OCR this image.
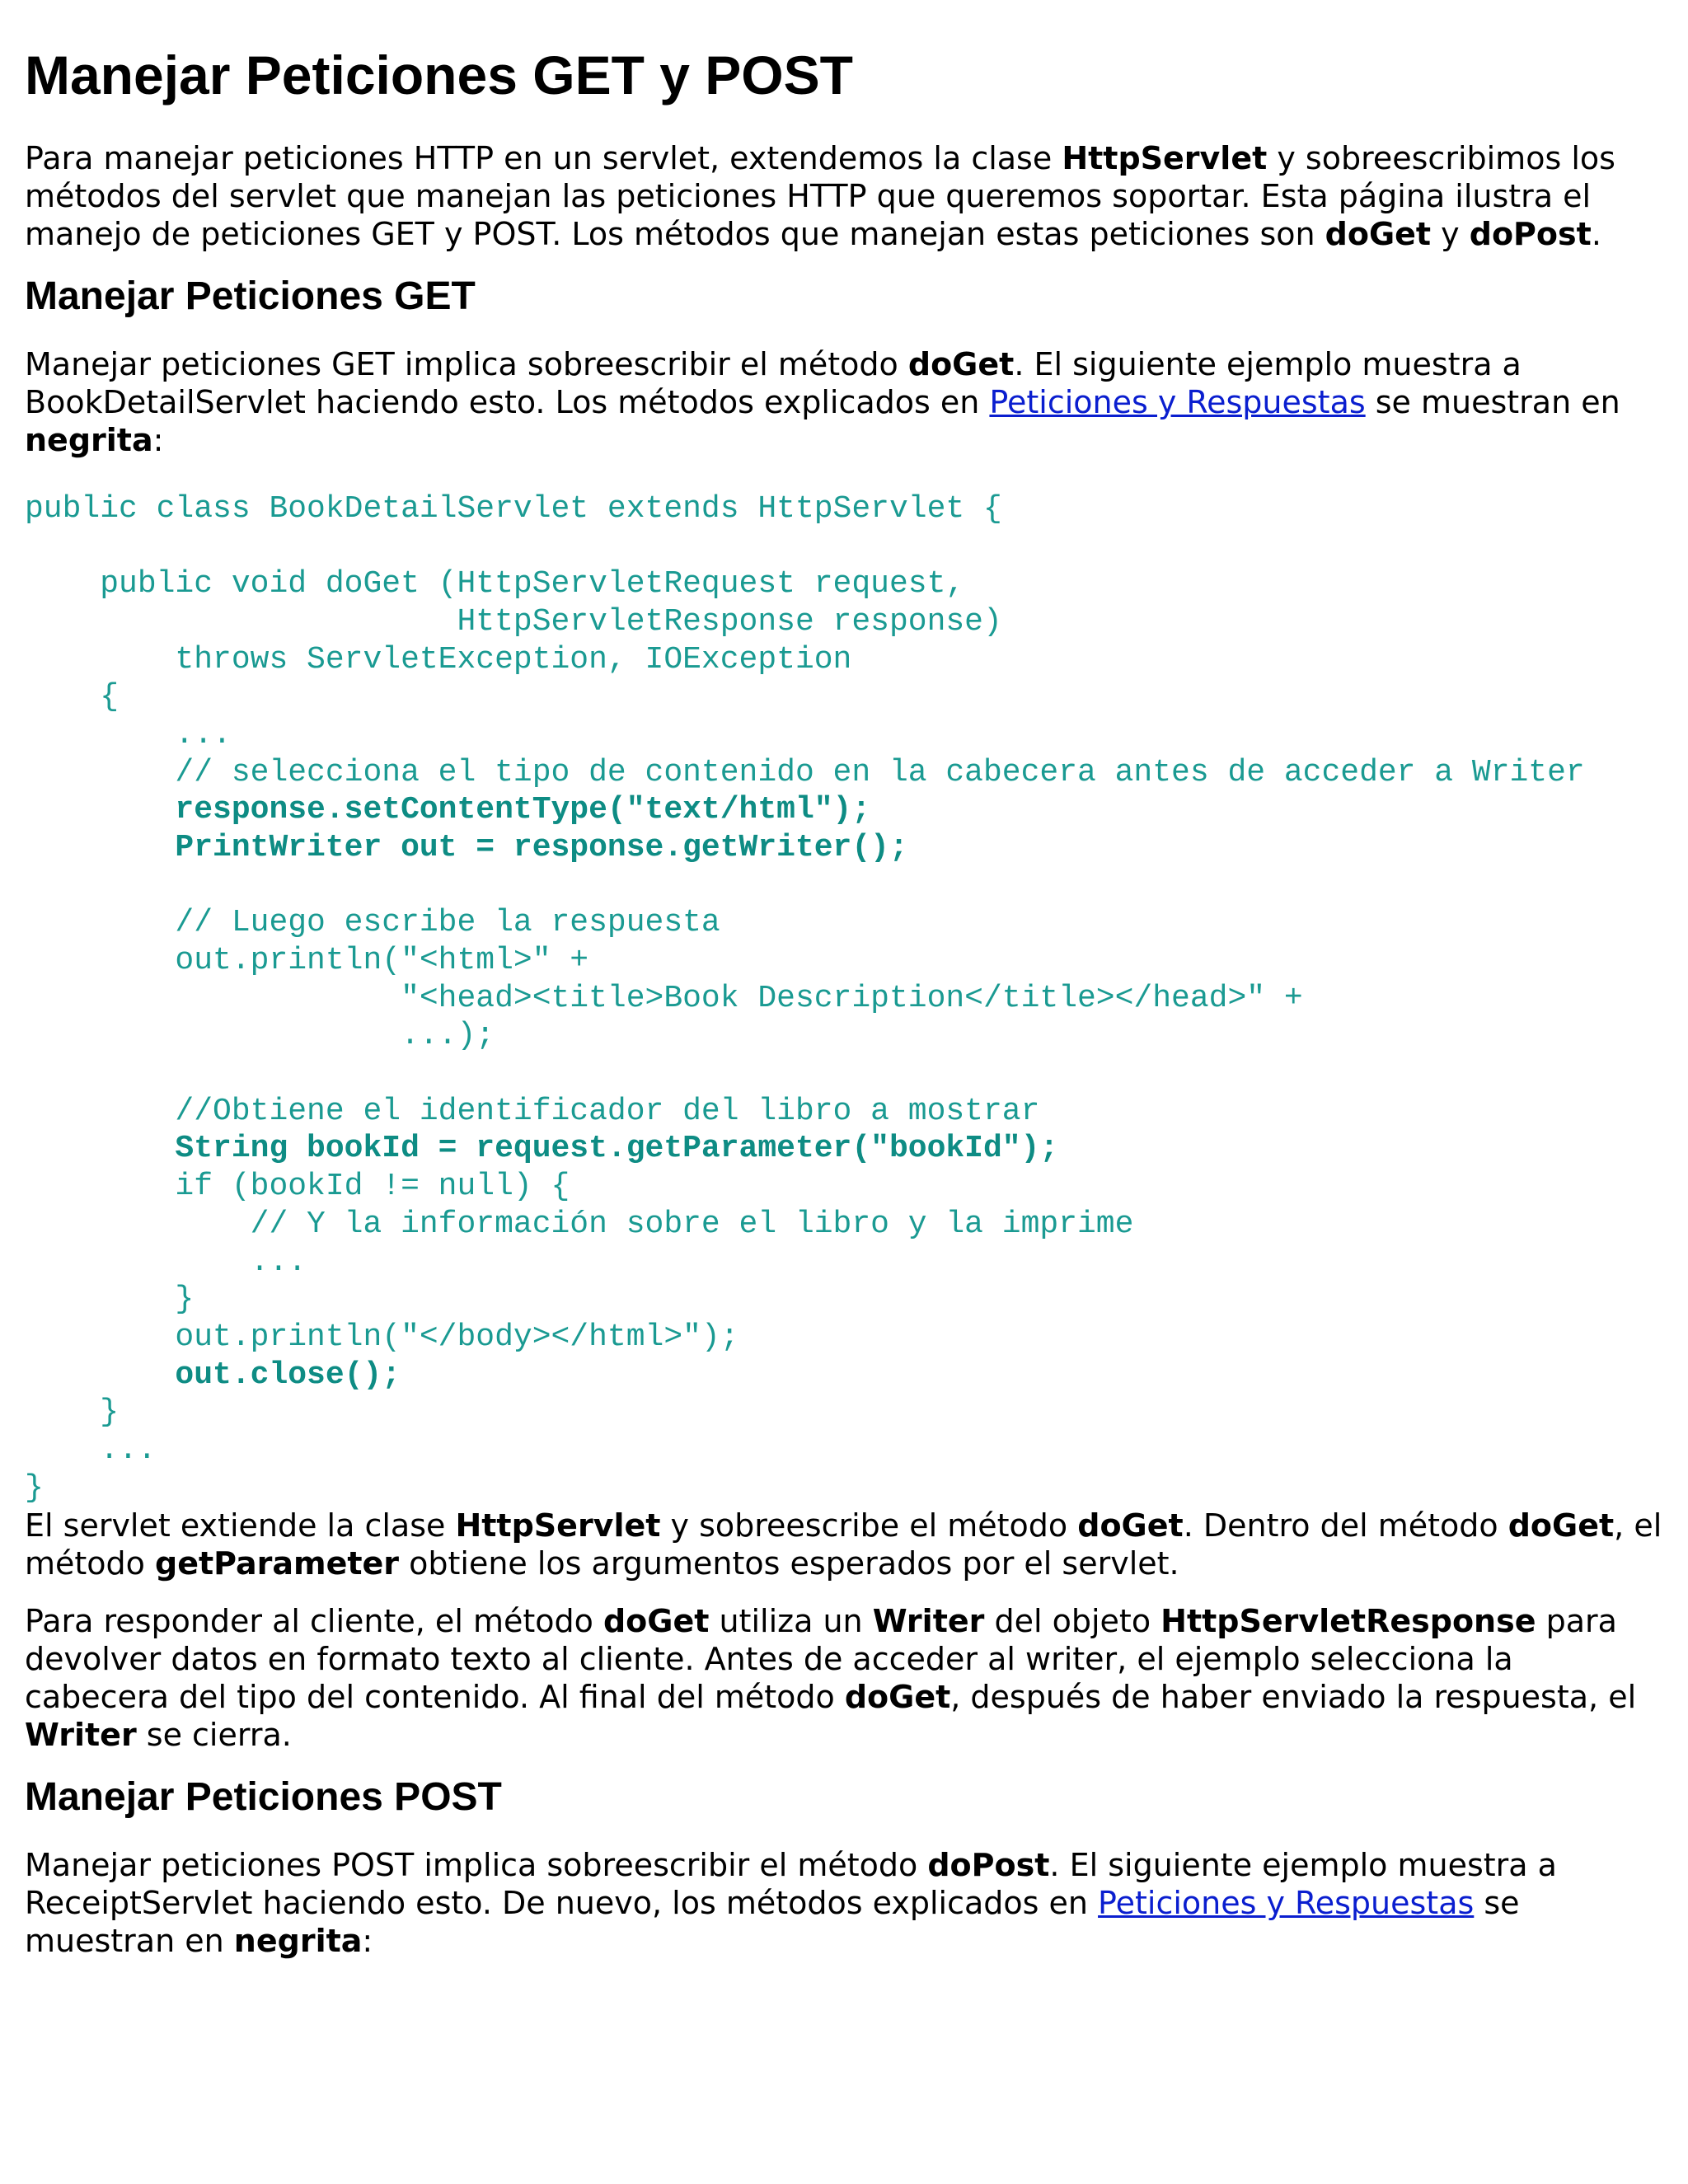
Manejar Peticiones GET y POST

Para manejar peticiones HTTP en un servlet, extendemos la clase HttpServlet y sobreescribimos los métodos del servlet que manejan las peticiones HTTP que queremos soportar. Esta página ilustra el manejo de peticiones GET y POST. Los métodos que manejan estas peticiones son doGet y doPost.

Manejar Peticiones GET

Manejar peticiones GET implica sobreescribir el método doGet. El siguiente ejemplo muestra a BookDetailServlet haciendo esto. Los métodos explicados en Peticiones y Respuestas se muestran en negrita:

public class BookDetailServlet extends HttpServlet {
public void doGet (HttpServletRequest request,
HttpServletResponse response)
throws ServletException, IOException
{
...
// selecciona el tipo de contenido en la cabecera antes de acceder a Writer
response.setContentType("text/html");
PrintWriter out = response.getWriter();
// Luego escribe la respuesta
out.println("<html>" +
"<head><title>Book Description</title></head>" +
...);
//Obtiene el identificador del libro a mostrar
String bookId = request.getParameter("bookId");
if (bookId != null) {
// Y la información sobre el libro y la imprime
...
}
out.println("</body></html>");
out.close();
}
...
}

El servlet extiende la clase HttpServlet y sobreescribe el método doGet. Dentro del método doGet, el método getParameter obtiene los argumentos esperados por el servlet.

Para responder al cliente, el método doGet utiliza un Writer del objeto HttpServletResponse para devolver datos en formato texto al cliente. Antes de acceder al writer, el ejemplo selecciona la cabecera del tipo del contenido. Al final del método doGet, después de haber enviado la respuesta, el Writer se cierra.

Manejar Peticiones POST

Manejar peticiones POST implica sobreescribir el método doPost. El siguiente ejemplo muestra a ReceiptServlet haciendo esto. De nuevo, los métodos explicados en Peticiones y Respuestas se muestran en negrita:
